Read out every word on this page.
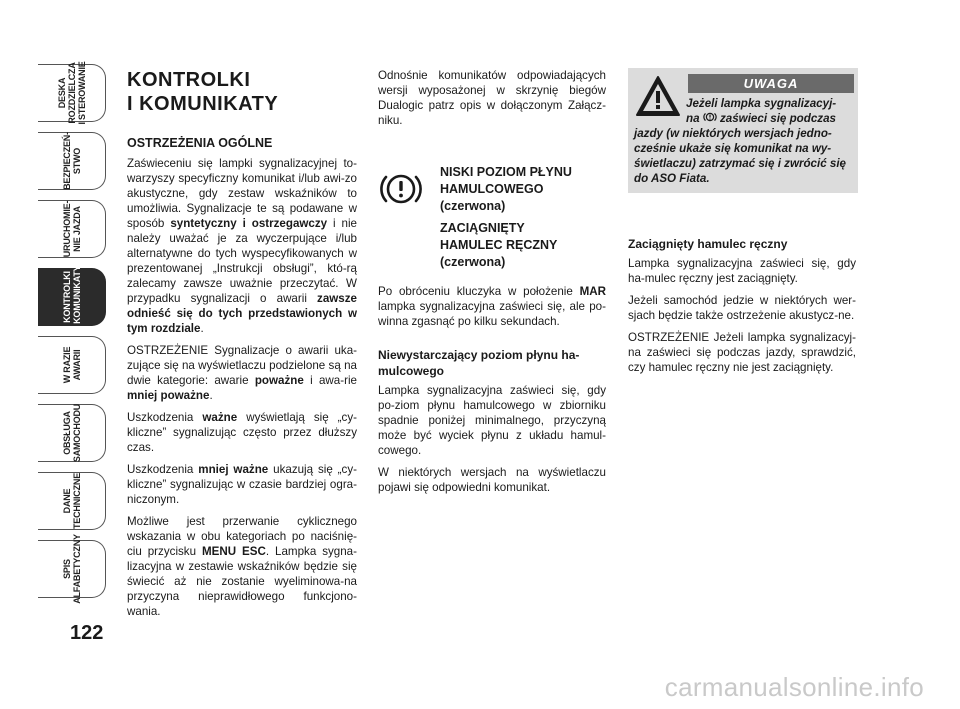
DESKA
ROZDZIELCZA
I STEROWANIE
BEZPIECZEŃ-
STWO
URUCHOMIE-
NIE JAZDA
KONTROLKI
I KOMUNIKATY
W RAZIE
AWARII
OBSŁUGA
SAMOCHODU
DANE
TECHNICZNE
SPIS
ALFABETYCZNY
122
KONTROLKI
I KOMUNIKATY
OSTRZEŻENIA OGÓLNE

Zaświeceniu się lampki sygnalizacyjnej to-warzyszy specyficzny komunikat i/lub awi-zo akustyczne, gdy zestaw wskaźników to umożliwia. Sygnalizacje te są podawane w sposób syntetyczny i ostrzegawczy i nie należy uważać je za wyczerpujące i/lub alternatywne do tych wyspecyfikowanych w prezentowanej „Instrukcji obsługi”, któ-rą zalecamy zawsze uważnie przeczytać. W przypadku sygnalizacji o awarii zawsze odnieść się do tych przedstawionych w tym rozdziale.

OSTRZEŻENIE Sygnalizacje o awarii uka-zujące się na wyświetlaczu podzielone są na dwie kategorie: awarie poważne i awa-rie mniej poważne.

Uszkodzenia ważne wyświetlają się „cy-kliczne” sygnalizując często przez dłuższy czas.

Uszkodzenia mniej ważne ukazują się „cy-kliczne” sygnalizując w czasie bardziej ogra-niczonym.

Możliwe jest przerwanie cyklicznego wskazania w obu kategoriach po naciśnię-ciu przycisku MENU ESC. Lampka sygna-lizacyjna w zestawie wskaźników będzie się świecić aż nie zostanie wyeliminowa-na przyczyna nieprawidłowego funkcjono-wania.

Odnośnie komunikatów odpowiadających wersji wyposażonej w skrzynię biegów Dualogic patrz opis w dołączonym Załącz-niku.

NISKI POZIOM PŁYNU
HAMULCOWEGO
(czerwona)
ZACIĄGNIĘTY
HAMULEC RĘCZNY
(czerwona)

Po obróceniu kluczyka w położenie MAR lampka sygnalizacyjna zaświeci się, ale po-winna zgasnąć po kilku sekundach.

Niewystarczający poziom płynu ha-mulcowego

Lampka sygnalizacyjna zaświeci się, gdy po-ziom płynu hamulcowego w zbiorniku spadnie poniżej minimalnego, przyczyną może być wyciek płynu z układu hamul-cowego.

W niektórych wersjach na wyświetlaczu pojawi się odpowiedni komunikat.

UWAGA
Jeżeli lampka sygnalizacyj-
na  zaświeci się podczas
jazdy (w niektórych wersjach jedno-cześnie ukaże się komunikat na wy-świetlaczu) zatrzymać się i zwrócić się do ASO Fiata.
Zaciągnięty hamulec ręczny

Lampka sygnalizacyjna zaświeci się, gdy ha-mulec ręczny jest zaciągnięty.

Jeżeli samochód jedzie w niektórych wer-sjach będzie także ostrzeżenie akustycz-ne.

OSTRZEŻENIE Jeżeli lampka sygnalizacyj-na zaświeci się podczas jazdy, sprawdzić, czy hamulec ręczny nie jest zaciągnięty.

carmanualsonline.info
